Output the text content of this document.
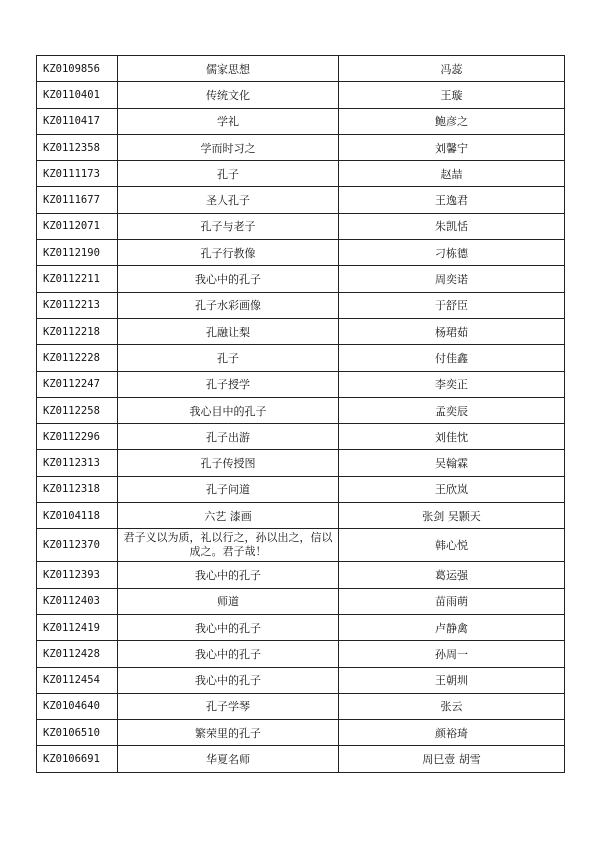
KZ0109856	儒家思想	冯蕊
KZ0110401	传统文化	王璇
KZ0110417	学礼	鲍彦之
KZ0112358	学而时习之	刘馨宁
KZ0111173	孔子	赵喆
KZ0111677	圣人孔子	王逸君
KZ0112071	孔子与老子	朱凯恬
KZ0112190	孔子行教像	刁栋德
KZ0112211	我心中的孔子	周奕诺
KZ0112213	孔子水彩画像	于舒臣
KZ0112218	孔融让梨	杨珺茹
KZ0112228	孔子	付佳鑫
KZ0112247	孔子授学	李奕正
KZ0112258	我心目中的孔子	孟奕辰
KZ0112296	孔子出游	刘佳忱
KZ0112313	孔子传授图	吴翰霖
KZ0112318	孔子问道	王欣岚
KZ0104118	六艺 漆画	张剑 吴颢天
KZ0112370	君子义以为质，礼以行之，孙以出之，信以成之。君子哉！	韩心悦
KZ0112393	我心中的孔子	葛运强
KZ0112403	师道	苗雨萌
KZ0112419	我心中的孔子	卢静禽
KZ0112428	我心中的孔子	孙周一
KZ0112454	我心中的孔子	王朝圳
KZ0104640	孔子学琴	张云
KZ0106510	繁荣里的孔子	颜裕琦
KZ0106691	华夏名师	周巳壹 胡雪
